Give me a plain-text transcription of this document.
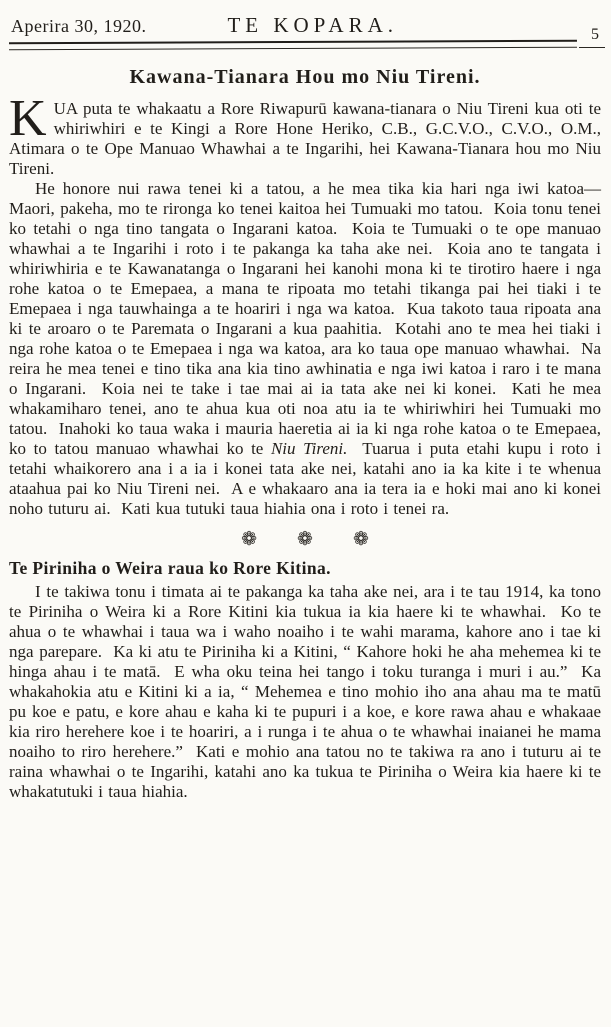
Aperira 30, 1920.	TE KOPARA.	5
Kawana-Tianara Hou mo Niu Tireni.

KUA puta te whakaatu a Rore Riwapurū kawana-tianara o Niu Tireni kua oti te whiriwhiri e te Kingi a Rore Hone Heriko, C.B., G.C.V.O., C.V.O., O.M., Atimara o te Ope Manuao Whawhai a te Ingarihi, hei Kawana-Tianara hou mo Niu Tireni.

He honore nui rawa tenei ki a tatou, a he mea tika kia hari nga iwi katoa—Maori, pakeha, mo te rironga ko tenei kaitoa hei Tumuaki mo tatou.  Koia tonu tenei ko tetahi o nga tino tangata o Ingarani katoa.  Koia te Tumuaki o te ope manuao whawhai a te Ingarihi i roto i te pakanga ka taha ake nei.  Koia ano te tangata i whiriwhiria e te Kawanatanga o Ingarani hei kanohi mona ki te tirotiro haere i nga rohe katoa o te Emepaea, a mana te ripoata mo tetahi tikanga pai hei tiaki i te Emepaea i nga tauwhainga a te hoariri i nga wa katoa.  Kua takoto taua ripoata ana ki te aroaro o te Paremata o Ingarani a kua paahitia.  Kotahi ano te mea hei tiaki i nga rohe katoa o te Emepaea i nga wa katoa, ara ko taua ope manuao whawhai.  Na reira he mea tenei e tino tika ana kia tino awhinatia e nga iwi katoa i raro i te mana o Ingarani.  Koia nei te take i tae mai ai ia tata ake nei ki konei.  Kati he mea whakamiharo tenei, ano te ahua kua oti noa atu ia te whiriwhiri hei Tumuaki mo tatou.  Inahoki ko taua waka i mauria haeretia ai ia ki nga rohe katoa o te Emepaea, ko to tatou manuao whawhai ko te Niu Tireni.  Tuarua i puta etahi kupu i roto i tetahi whaikorero ana i a ia i konei tata ake nei, katahi ano ia ka kite i te whenua ataahua pai ko Niu Tireni nei.  A e whakaaro ana ia tera ia e hoki mai ano ki konei noho tuturu ai.  Kati kua tutuki taua hiahia ona i roto i tenei ra.

❁ ❁ ❁
Te Piriniha o Weira raua ko Rore Kitina.

I te takiwa tonu i timata ai te pakanga ka taha ake nei, ara i te tau 1914, ka tono te Piriniha o Weira ki a Rore Kitini kia tukua ia kia haere ki te whawhai.  Ko te ahua o te whawhai i taua wa i waho noaiho i te wahi marama, kahore ano i tae ki nga parepare.  Ka ki atu te Piriniha ki a Kitini, “ Kahore hoki he aha mehemea ki te hinga ahau i te matā.  E wha oku teina hei tango i toku turanga i muri i au.”  Ka whakahokia atu e Kitini ki a ia, “ Mehemea e tino mohio iho ana ahau ma te matū pu koe e patu, e kore ahau e kaha ki te pupuri i a koe, e kore rawa ahau e whakaae kia riro herehere koe i te hoariri, a i runga i te ahua o te whawhai inaianei he mama noaiho to riro herehere.”  Kati e mohio ana tatou no te takiwa ra ano i tuturu ai te raina whawhai o te Ingarihi, katahi ano ka tukua te Piriniha o Weira kia haere ki te whakatutuki i taua hiahia.
